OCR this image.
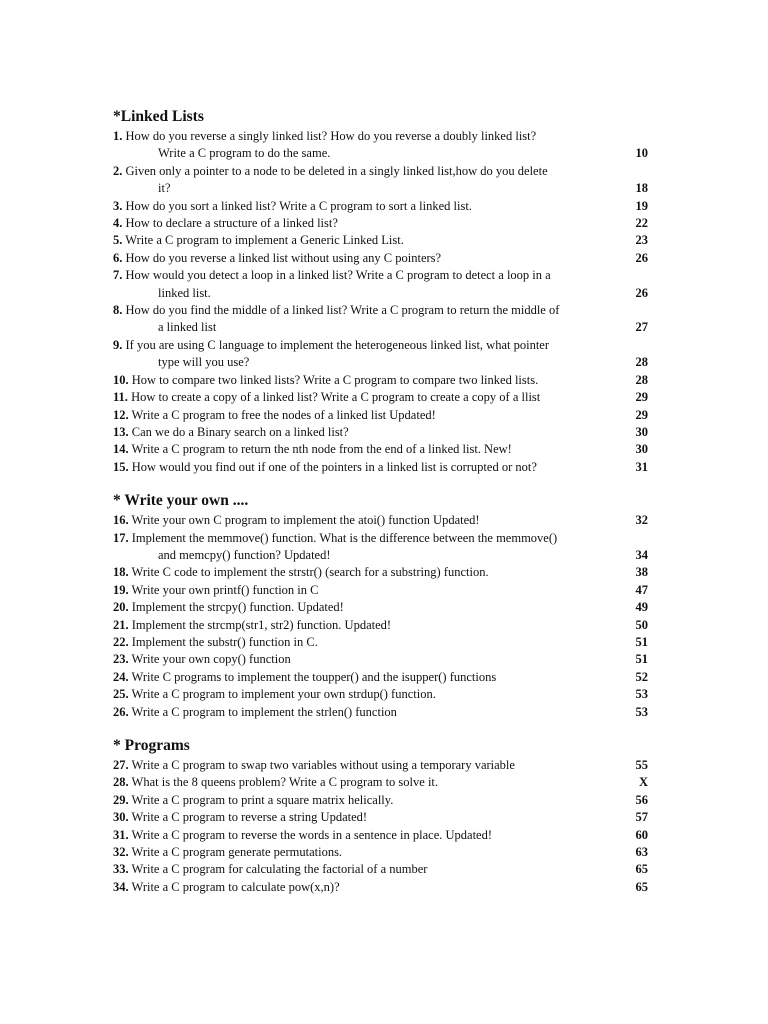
*Linked Lists
1. How do you reverse a singly linked list? How do you reverse a doubly linked list?
Write a C program to do the same.	10
2. Given only a pointer to a node to be deleted in a singly linked list,how do you delete
it?	18
3. How do you sort a linked list? Write a C program to sort a linked list.	19
4. How to declare a structure of a linked list?	22
5. Write a C program to implement a Generic Linked List.	23
6. How do you reverse a linked list without using any C pointers?	26
7. How would you detect a loop in a linked list? Write a C program to detect a loop in a
linked list.	26
8. How do you find the middle of a linked list? Write a C program to return the middle of
a linked list	27
9. If you are using C language to implement the heterogeneous linked list, what pointer
type will you use?	28
10. How to compare two linked lists? Write a C program to compare two linked lists.	28
11. How to create a copy of a linked list? Write a C program to create a copy of a llist	29
12. Write a C program to free the nodes of a linked list Updated!	29
13. Can we do a Binary search on a linked list?	30
14. Write a C program to return the nth node from the end of a linked list. New!	30
15. How would you find out if one of the pointers in a linked list is corrupted or not?	31
* Write your own ....
16. Write your own C program to implement the atoi() function Updated!	32
17. Implement the memmove() function. What is the difference between the memmove()
and memcpy() function? Updated!	34
18. Write C code to implement the strstr() (search for a substring) function.	38
19. Write your own printf() function in C	47
20. Implement the strcpy() function. Updated!	49
21. Implement the strcmp(str1, str2) function. Updated!	50
22. Implement the substr() function in C.	51
23. Write your own copy() function	51
24. Write C programs to implement the toupper() and the isupper() functions	52
25. Write a C program to implement your own strdup() function.	53
26. Write a C program to implement the strlen() function	53
* Programs
27. Write a C program to swap two variables without using a temporary variable	55
28. What is the 8 queens problem? Write a C program to solve it.	X
29. Write a C program to print a square matrix helically.	56
30. Write a C program to reverse a string Updated!	57
31. Write a C program to reverse the words in a sentence in place. Updated!	60
32. Write a C program generate permutations.	63
33. Write a C program for calculating the factorial of a number	65
34. Write a C program to calculate pow(x,n)?	65
